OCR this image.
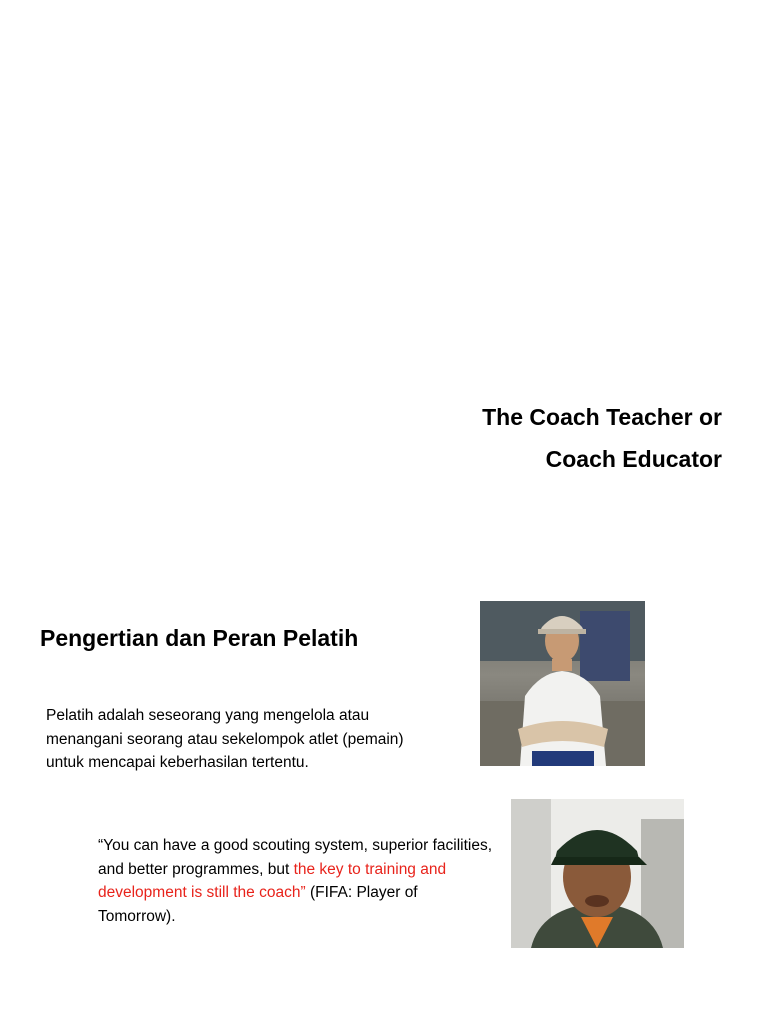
The Coach Teacher or
Coach Educator
Pengertian dan Peran Pelatih

Pelatih adalah seseorang yang mengelola atau menangani seorang atau sekelompok atlet (pemain) untuk mencapai keberhasilan tertentu.

“You can have a good scouting system, superior facilities, and better programmes, but the key to training and development is still the coach” (FIFA: Player of Tomorrow).
